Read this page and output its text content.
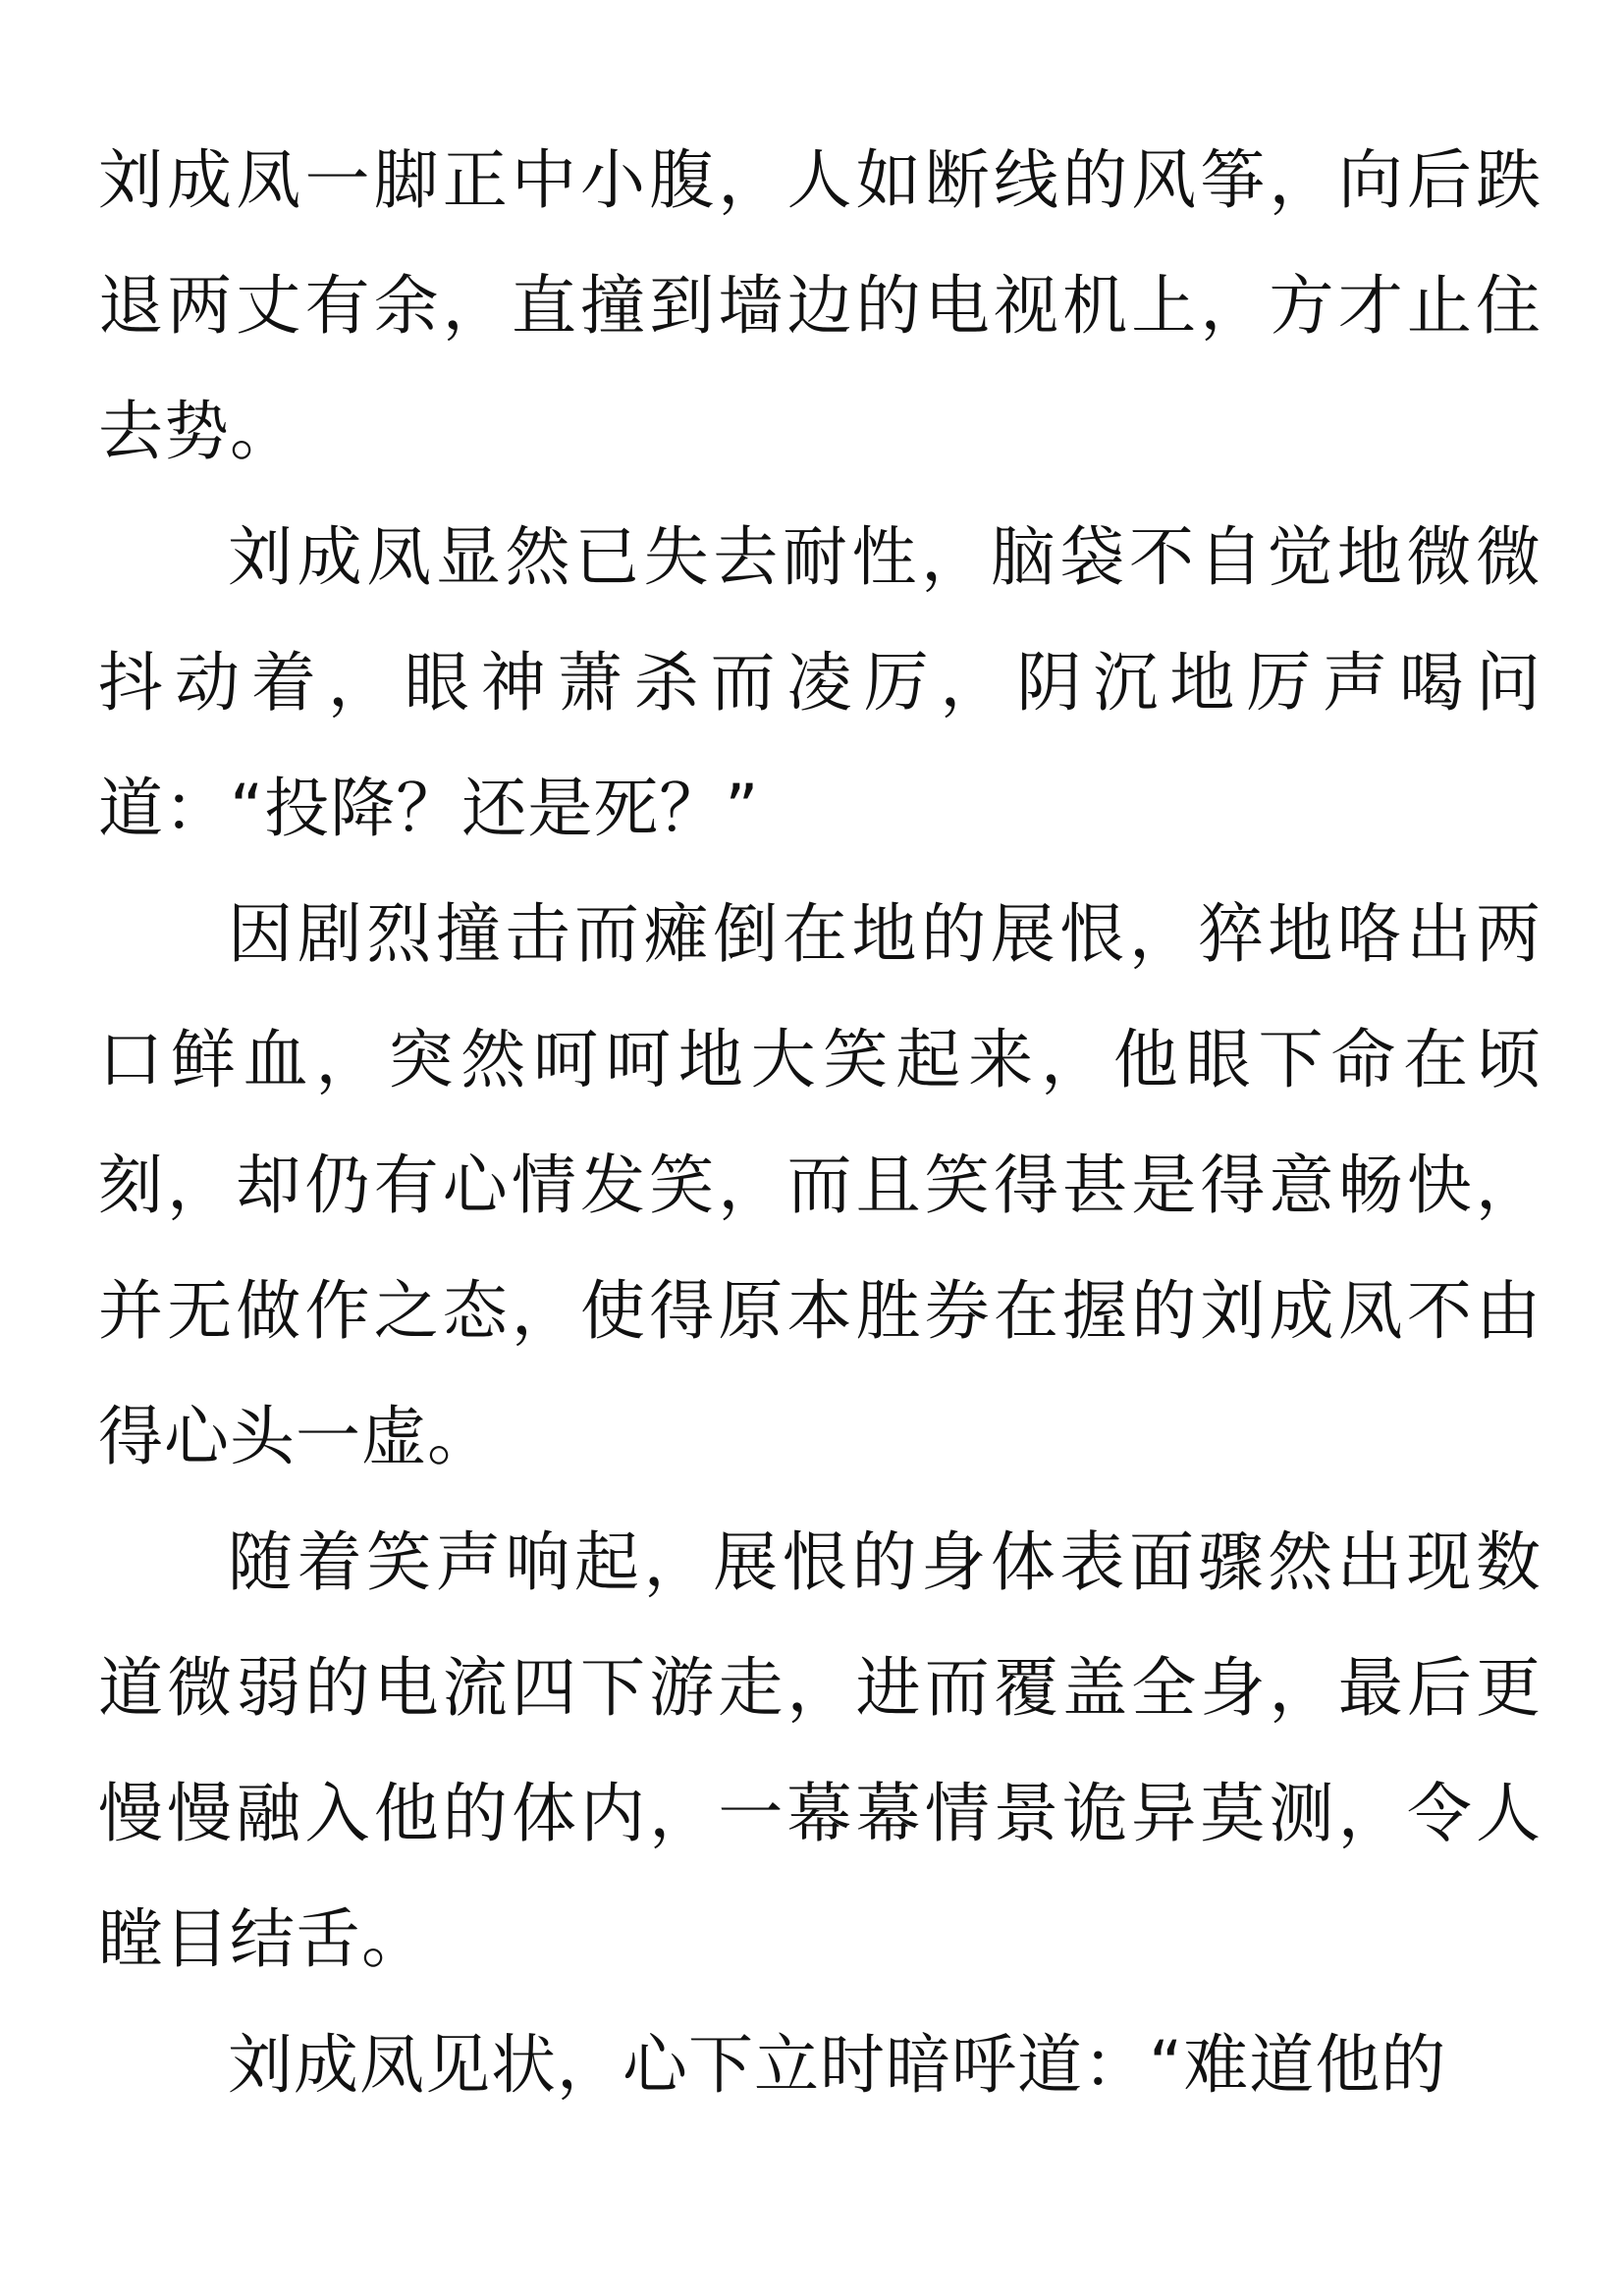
刘成凤一脚正中小腹，人如断线的风筝，向后跌退两丈有余，直撞到墙边的电视机上，方才止住去势。

刘成凤显然已失去耐性，脑袋不自觉地微微抖动着，眼神萧杀而凌厉，阴沉地厉声喝问道：“投降？还是死？”

因剧烈撞击而瘫倒在地的展恨，猝地咯出两口鲜血，突然呵呵地大笑起来，他眼下命在顷刻，却仍有心情发笑，而且笑得甚是得意畅快，并无做作之态，使得原本胜券在握的刘成凤不由得心头一虚。

随着笑声响起，展恨的身体表面骤然出现数道微弱的电流四下游走，进而覆盖全身，最后更慢慢融入他的体内，一幕幕情景诡异莫测，令人瞠目结舌。

刘成凤见状，心下立时暗呼道：“难道他的
